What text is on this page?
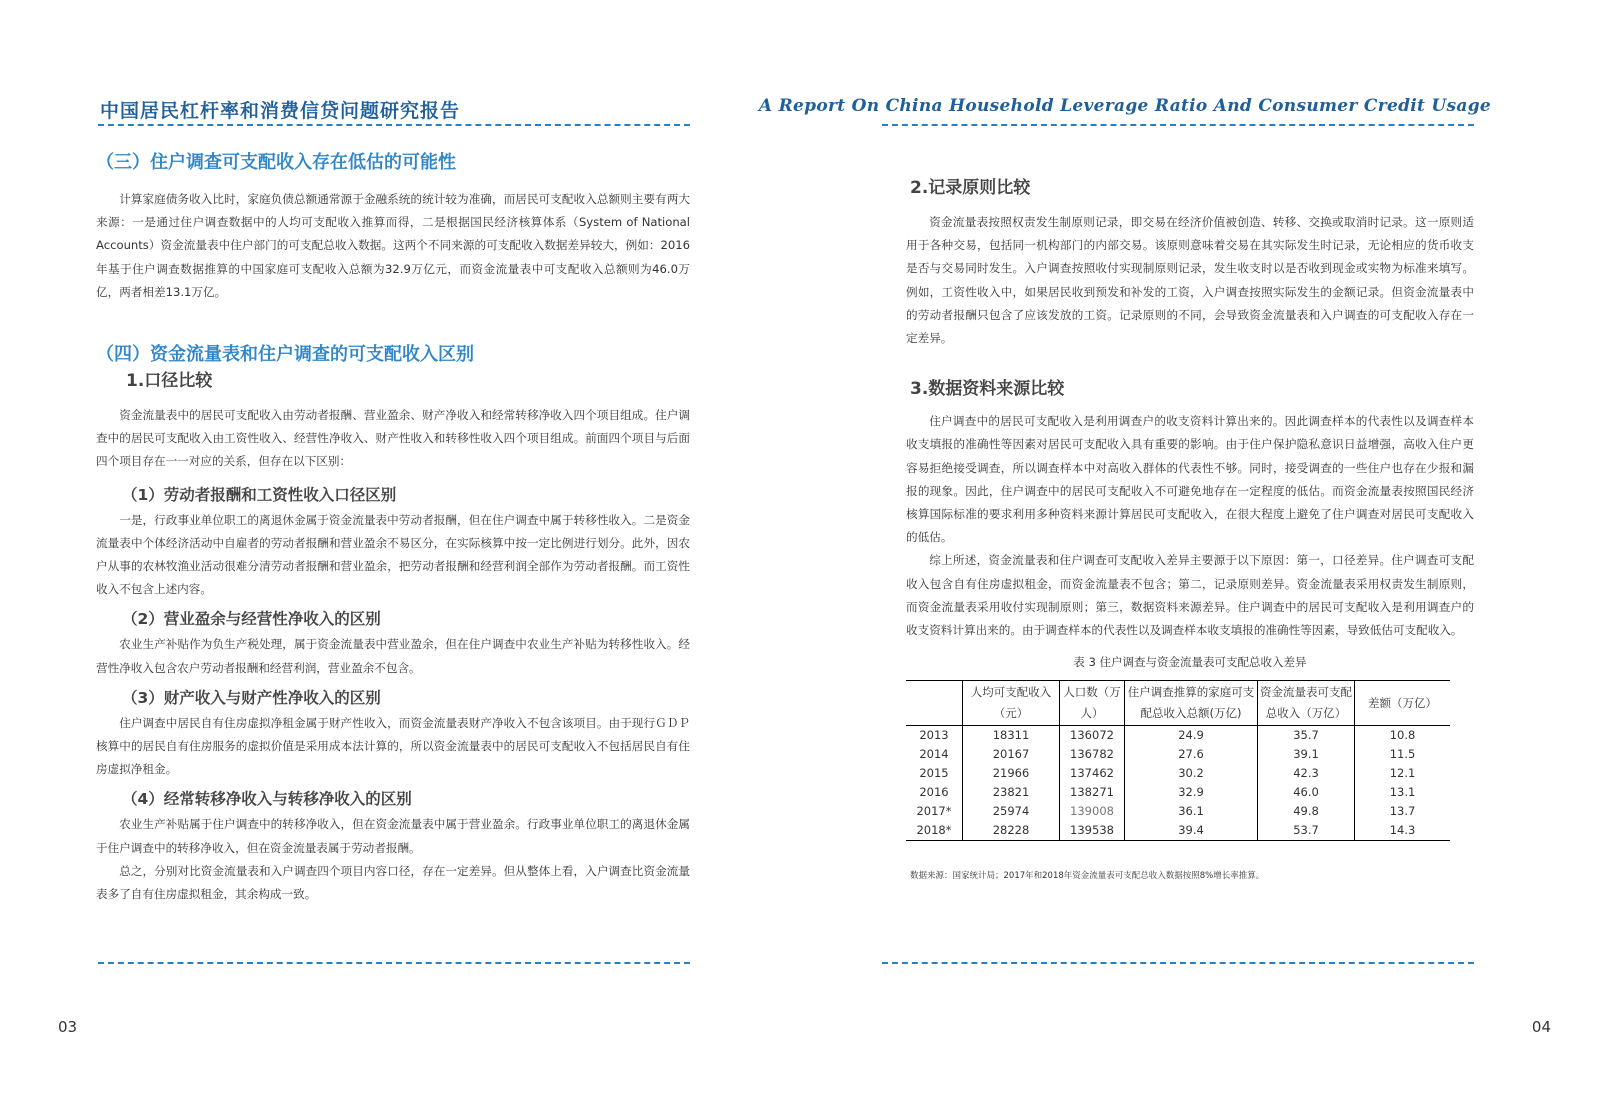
中国居民杠杆率和消费信贷问题研究报告	A Report On China Household Leverage Ratio And Consumer Credit Usage
（三）住户调查可支配收入存在低估的可能性

计算家庭债务收入比时，家庭负债总额通常源于金融系统的统计较为准确，而居民可支配收入总额则主要有两大来源：一是通过住户调查数据中的人均可支配收入推算而得，二是根据国民经济核算体系（System of National Accounts）资金流量表中住户部门的可支配总收入数据。这两个不同来源的可支配收入数据差异较大，例如：2016年基于住户调查数据推算的中国家庭可支配收入总额为32.9万亿元，而资金流量表中可支配收入总额则为46.0万亿，两者相差13.1万亿。

（四）资金流量表和住户调查的可支配收入区别
1.口径比较

资金流量表中的居民可支配收入由劳动者报酬、营业盈余、财产净收入和经常转移净收入四个项目组成。住户调查中的居民可支配收入由工资性收入、经营性净收入、财产性收入和转移性收入四个项目组成。前面四个项目与后面四个项目存在一一对应的关系，但存在以下区别：

（1）劳动者报酬和工资性收入口径区别

一是，行政事业单位职工的离退休金属于资金流量表中劳动者报酬，但在住户调查中属于转移性收入。二是资金流量表中个体经济活动中自雇者的劳动者报酬和营业盈余不易区分，在实际核算中按一定比例进行划分。此外，因农户从事的农林牧渔业活动很难分清劳动者报酬和营业盈余，把劳动者报酬和经营利润全部作为劳动者报酬。而工资性收入不包含上述内容。

（2）营业盈余与经营性净收入的区别

农业生产补贴作为负生产税处理，属于资金流量表中营业盈余，但在住户调查中农业生产补贴为转移性收入。经营性净收入包含农户劳动者报酬和经营利润，营业盈余不包含。

（3）财产收入与财产性净收入的区别

住户调查中居民自有住房虚拟净租金属于财产性收入，而资金流量表财产净收入不包含该项目。由于现行ＧＤＰ核算中的居民自有住房服务的虚拟价值是采用成本法计算的，所以资金流量表中的居民可支配收入不包括居民自有住房虚拟净租金。

（4）经常转移净收入与转移净收入的区别

农业生产补贴属于住户调查中的转移净收入，但在资金流量表中属于营业盈余。行政事业单位职工的离退休金属于住户调查中的转移净收入，但在资金流量表属于劳动者报酬。

总之，分别对比资金流量表和入户调查四个项目内容口径，存在一定差异。但从整体上看，入户调查比资金流量表多了自有住房虚拟租金，其余构成一致。

2.记录原则比较

资金流量表按照权责发生制原则记录，即交易在经济价值被创造、转移、交换或取消时记录。这一原则适用于各种交易，包括同一机构部门的内部交易。该原则意味着交易在其实际发生时记录，无论相应的货币收支是否与交易同时发生。入户调查按照收付实现制原则记录，发生收支时以是否收到现金或实物为标准来填写。例如，工资性收入中，如果居民收到预发和补发的工资，入户调查按照实际发生的金额记录。但资金流量表中的劳动者报酬只包含了应该发放的工资。记录原则的不同，会导致资金流量表和入户调查的可支配收入存在一定差异。

3.数据资料来源比较

住户调查中的居民可支配收入是利用调查户的收支资料计算出来的。因此调查样本的代表性以及调查样本收支填报的准确性等因素对居民可支配收入具有重要的影响。由于住户保护隐私意识日益增强，高收入住户更容易拒绝接受调查，所以调查样本中对高收入群体的代表性不够。同时，接受调查的一些住户也存在少报和漏报的现象。因此，住户调查中的居民可支配收入不可避免地存在一定程度的低估。而资金流量表按照国民经济核算国际标准的要求利用多种资料来源计算居民可支配收入，在很大程度上避免了住户调查对居民可支配收入的低估。

综上所述，资金流量表和住户调查可支配收入差异主要源于以下原因：第一，口径差异。住户调查可支配收入包含自有住房虚拟租金，而资金流量表不包含；第二，记录原则差异。资金流量表采用权责发生制原则，而资金流量表采用收付实现制原则；第三，数据资料来源差异。住户调查中的居民可支配收入是利用调查户的收支资料计算出来的。由于调查样本的代表性以及调查样本收支填报的准确性等因素，导致低估可支配收入。

表 3 住户调查与资金流量表可支配总收入差异
	人均可支配收入（元）	人口数（万人）	住户调查推算的家庭可支配总收入总额(万亿)	资金流量表可支配总收入（万亿）	差额（万亿）
2013	18311	136072	24.9	35.7	10.8
2014	20167	136782	27.6	39.1	11.5
2015	21966	137462	30.2	42.3	12.1
2016	23821	138271	32.9	46.0	13.1
2017*	25974	139008	36.1	49.8	13.7
2018*	28228	139538	39.4	53.7	14.3
数据来源：国家统计局；2017年和2018年资金流量表可支配总收入数据按照8%增长率推算。
03	04
